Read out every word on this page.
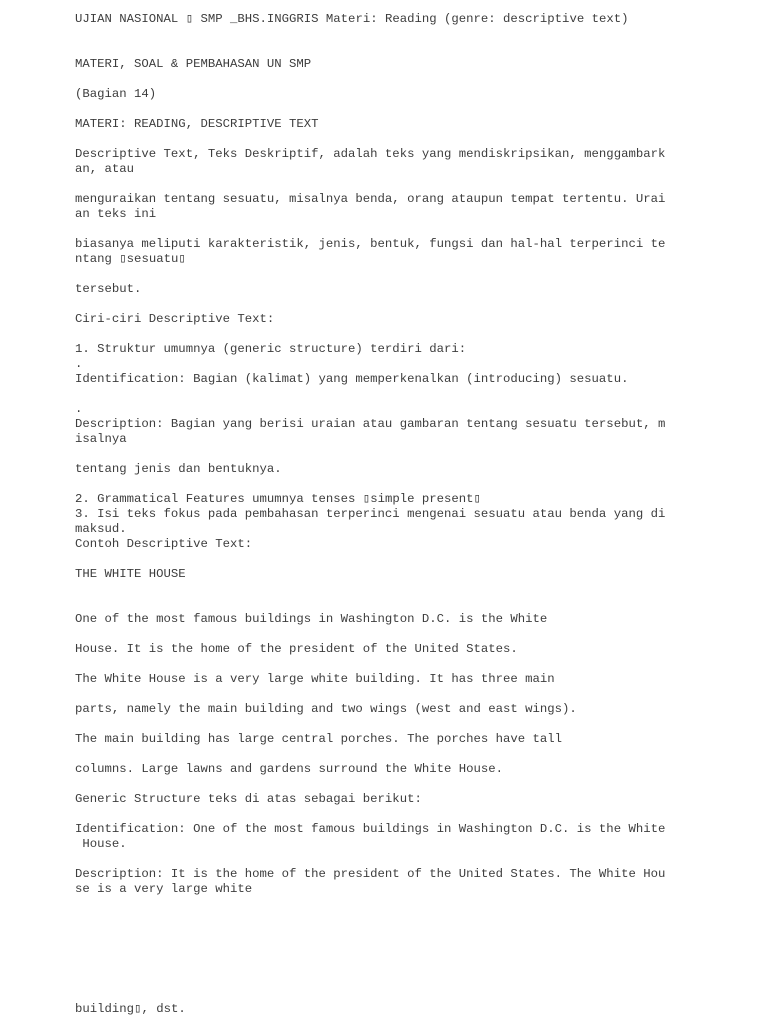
UJIAN NASIONAL ▯ SMP _BHS.INGGRIS Materi: Reading (genre: descriptive text)

MATERI, SOAL & PEMBAHASAN UN SMP

(Bagian 14)

MATERI: READING, DESCRIPTIVE TEXT

Descriptive Text, Teks Deskriptif, adalah teks yang mendiskripsikan, menggambark
an, atau

menguraikan tentang sesuatu, misalnya benda, orang ataupun tempat tertentu. Urai
an teks ini

biasanya meliputi karakteristik, jenis, bentuk, fungsi dan hal-hal terperinci te
ntang ▯sesuatu▯

tersebut.

Ciri-ciri Descriptive Text:

1. Struktur umumnya (generic structure) terdiri dari:
.
Identification: Bagian (kalimat) yang memperkenalkan (introducing) sesuatu.

.
Description: Bagian yang berisi uraian atau gambaran tentang sesuatu tersebut, m
isalnya

tentang jenis dan bentuknya.

2. Grammatical Features umumnya tenses ▯simple present▯
3. Isi teks fokus pada pembahasan terperinci mengenai sesuatu atau benda yang di
maksud.
Contoh Descriptive Text:

THE WHITE HOUSE

One of the most famous buildings in Washington D.C. is the White

House. It is the home of the president of the United States.

The White House is a very large white building. It has three main

parts, namely the main building and two wings (west and east wings).

The main building has large central porches. The porches have tall

columns. Large lawns and gardens surround the White House.

Generic Structure teks di atas sebagai berikut:

Identification: One of the most famous buildings in Washington D.C. is the White
House.

Description: It is the home of the president of the United States. The White Hou
se is a very large white

building▯, dst.
